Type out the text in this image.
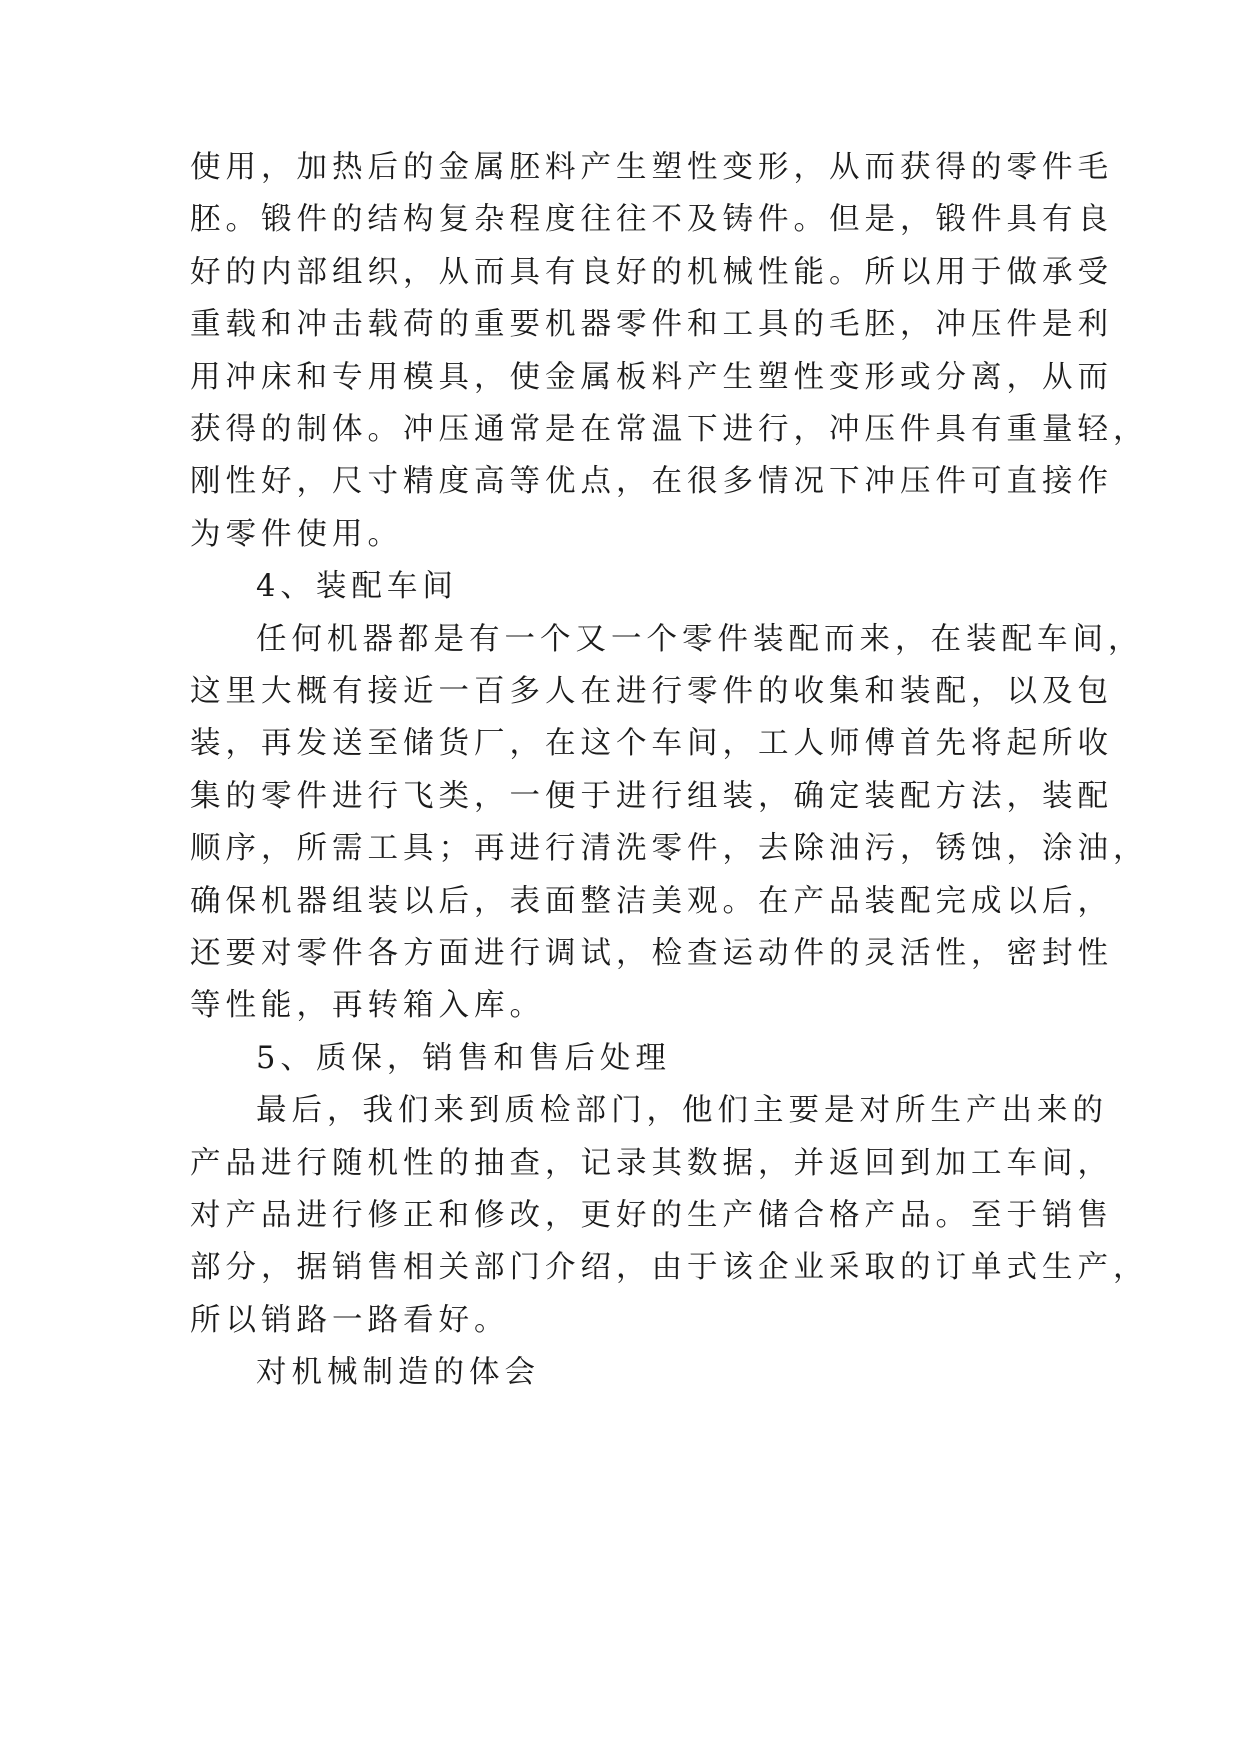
使用，加热后的金属胚料产生塑性变形，从而获得的零件毛
胚。锻件的结构复杂程度往往不及铸件。但是，锻件具有良
好的内部组织，从而具有良好的机械性能。所以用于做承受
重载和冲击载荷的重要机器零件和工具的毛胚，冲压件是利
用冲床和专用模具，使金属板料产生塑性变形或分离，从而
获得的制体。冲压通常是在常温下进行，冲压件具有重量轻，
刚性好，尺寸精度高等优点，在很多情况下冲压件可直接作
为零件使用。
4、装配车间
任何机器都是有一个又一个零件装配而来，在装配车间，
这里大概有接近一百多人在进行零件的收集和装配，以及包
装，再发送至储货厂，在这个车间，工人师傅首先将起所收
集的零件进行飞类，一便于进行组装，确定装配方法，装配
顺序，所需工具；再进行清洗零件，去除油污，锈蚀，涂油，
确保机器组装以后，表面整洁美观。在产品装配完成以后，
还要对零件各方面进行调试，检查运动件的灵活性，密封性
等性能，再转箱入库。
5、质保，销售和售后处理
最后，我们来到质检部门，他们主要是对所生产出来的
产品进行随机性的抽查，记录其数据，并返回到加工车间，
对产品进行修正和修改，更好的生产储合格产品。至于销售
部分，据销售相关部门介绍，由于该企业采取的订单式生产，
所以销路一路看好。
对机械制造的体会
